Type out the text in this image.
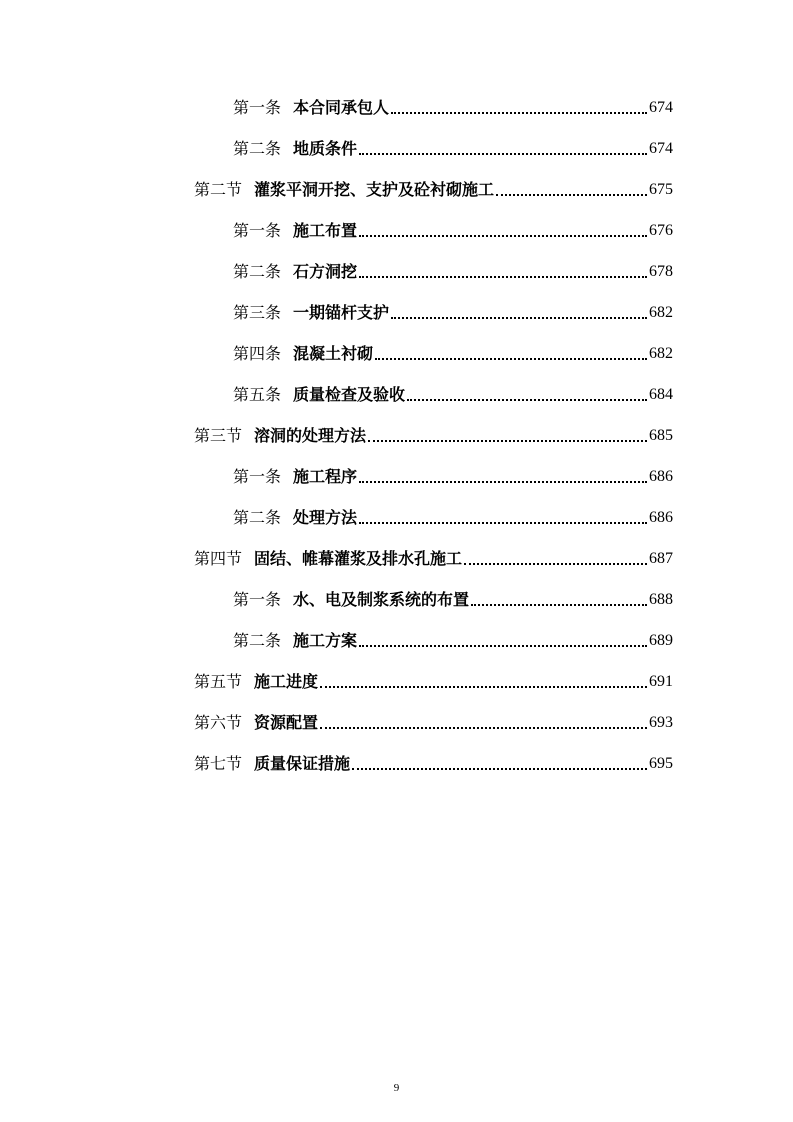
第一条 本合同承包人	674
第二条 地质条件	674
第二节 灌浆平洞开挖、支护及砼衬砌施工	675
第一条 施工布置	676
第二条 石方洞挖	678
第三条 一期锚杆支护	682
第四条 混凝土衬砌	682
第五条 质量检查及验收	684
第三节 溶洞的处理方法	685
第一条 施工程序	686
第二条 处理方法	686
第四节 固结、帷幕灌浆及排水孔施工	687
第一条 水、电及制浆系统的布置	688
第二条 施工方案	689
第五节 施工进度	691
第六节 资源配置	693
第七节 质量保证措施	695
9
